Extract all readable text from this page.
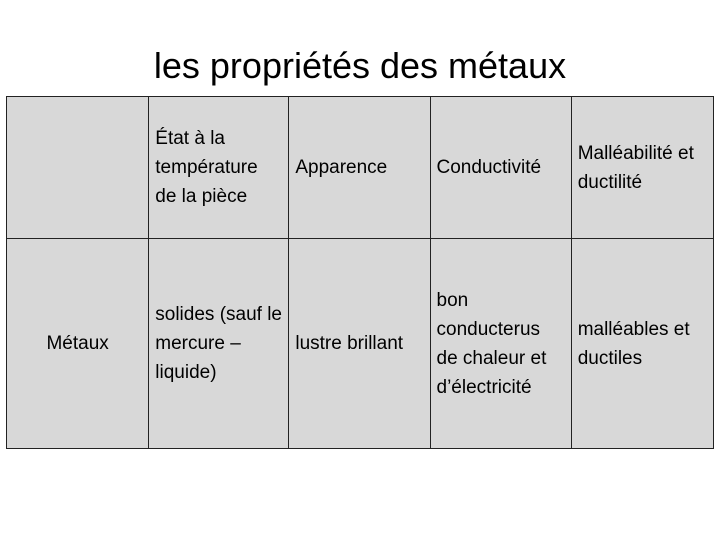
les propriétés des métaux
	État à la température de la pièce	Apparence	Conductivité	Malléabilité et ductilité
Métaux	solides (sauf le mercure – liquide)	lustre brillant	bon conducterus de chaleur et d’électricité	malléables et ductiles
